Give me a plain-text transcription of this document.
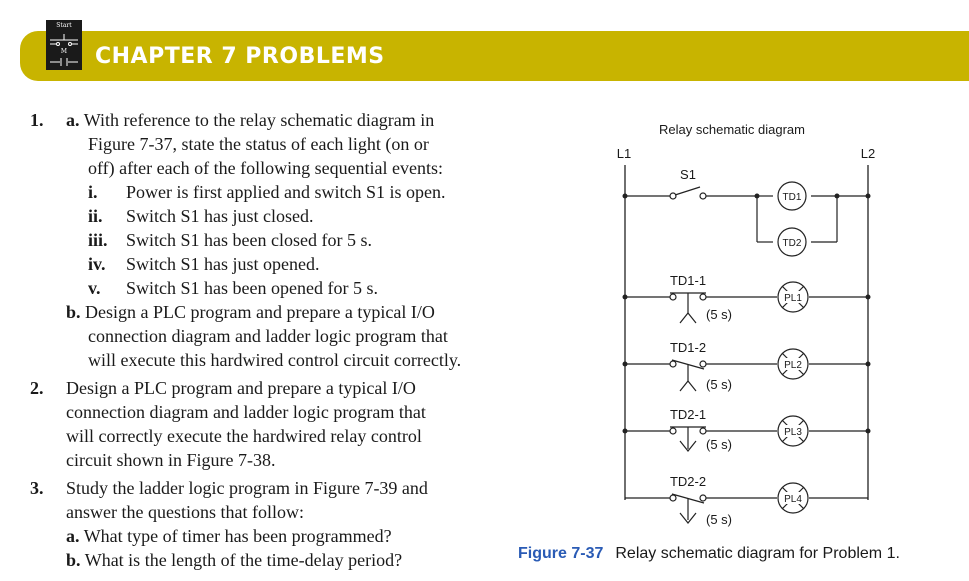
Start
M	CHAPTER 7 PROBLEMS
1. a. With reference to the relay schematic diagram in
Figure 7-37, state the status of each light (on or
off) after each of the following sequential events:
i. Power is first applied and switch S1 is open.
ii. Switch S1 has just closed.
iii. Switch S1 has been closed for 5 s.
iv. Switch S1 has just opened.
v. Switch S1 has been opened for 5 s.
b. Design a PLC program and prepare a typical I/O
connection diagram and ladder logic program that
will execute this hardwired control circuit correctly.
2. Design a PLC program and prepare a typical I/O
connection diagram and ladder logic program that
will correctly execute the hardwired relay control
circuit shown in Figure 7-38.
3. Study the ladder logic program in Figure 7-39 and
answer the questions that follow:
a. What type of timer has been programmed?
b. What is the length of the time-delay period?
Relay schematic diagram
L1	L2
S1
TD1
TD2
TD1-1
TD1-2
TD2-1
TD2-2
(5 s)
(5 s)
(5 s)
(5 s)
PL1
PL2
PL3
PL4
Figure 7-37 Relay schematic diagram for Problem 1.
